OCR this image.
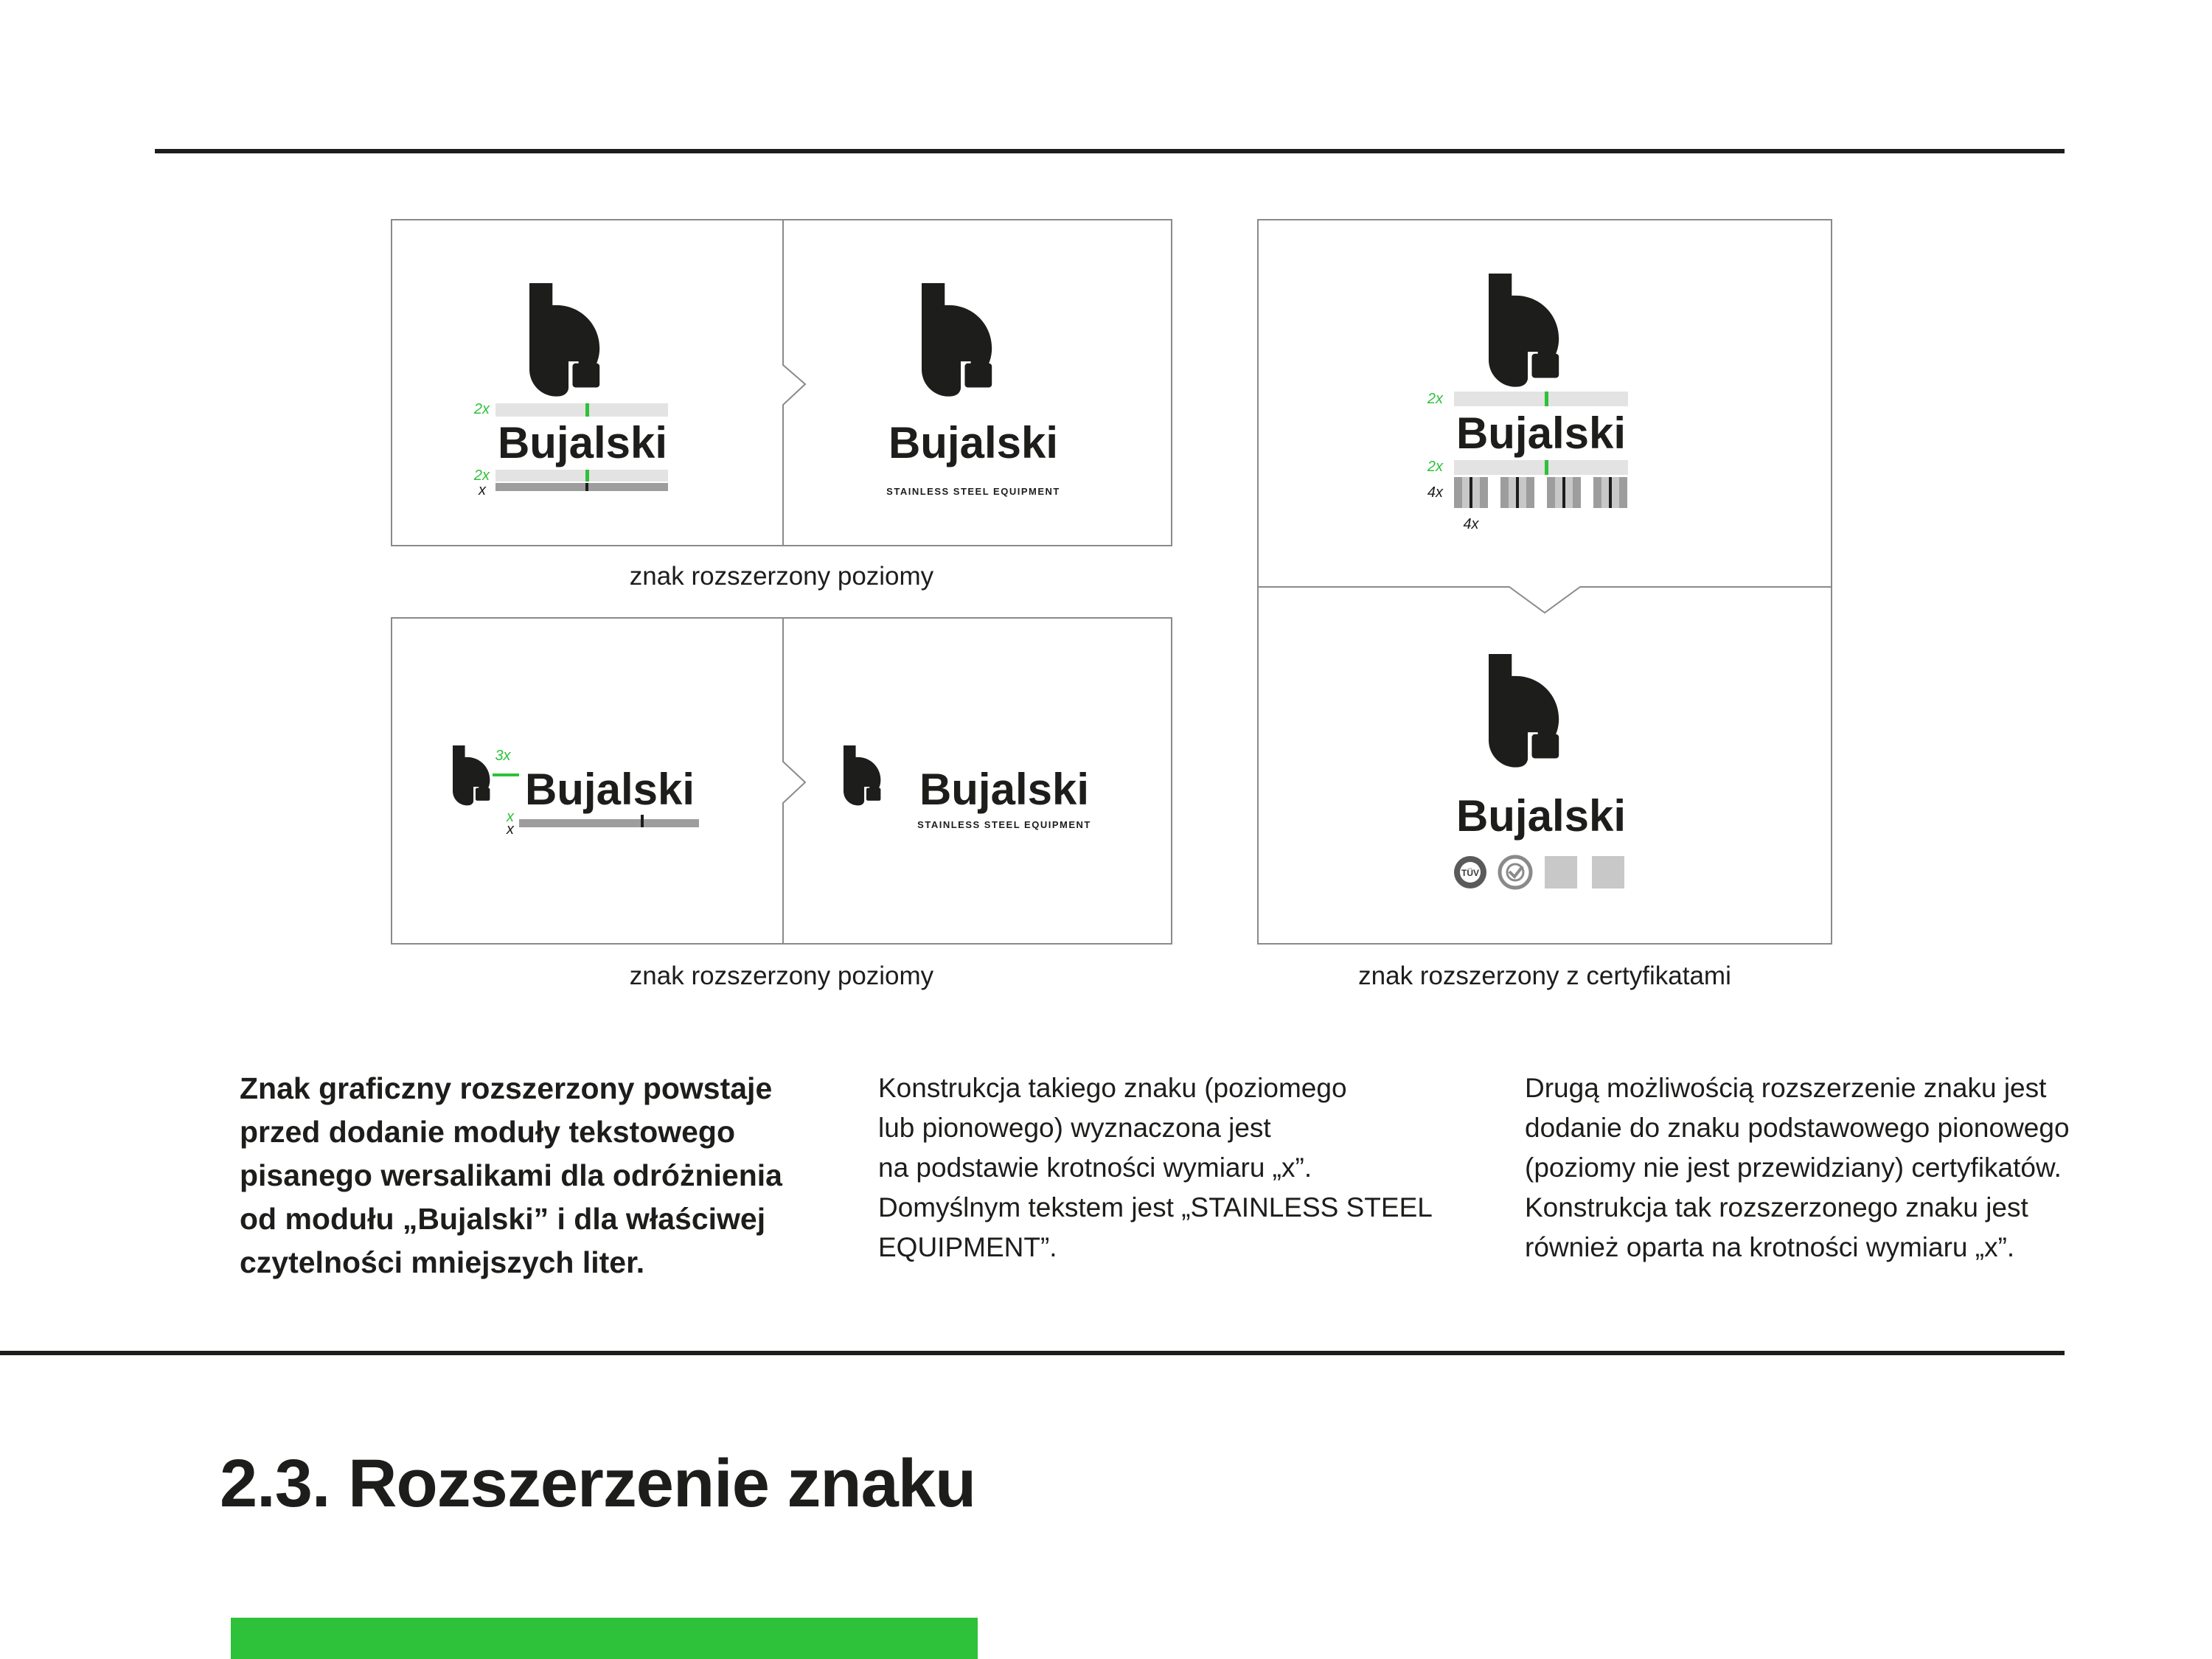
2x
Bujalski
2x
x
Bujalski
STAINLESS STEEL EQUIPMENT
znak rozszerzony poziomy
3x
Bujalski
x
x
Bujalski
STAINLESS STEEL EQUIPMENT
znak rozszerzony poziomy
2x
Bujalski
2x
4x
4x
Bujalski
TÜV
znak rozszerzony z certyfikatami
Znak graficzny rozszerzony powstaje
przed dodanie moduły tekstowego
pisanego wersalikami dla odróżnienia
od modułu „Bujalski” i dla właściwej
czytelności mniejszych liter.
Konstrukcja takiego znaku (poziomego
lub pionowego) wyznaczona jest
na podstawie krotności wymiaru „x”.
Domyślnym tekstem jest „STAINLESS STEEL
EQUIPMENT”.
Drugą możliwością rozszerzenie znaku jest
dodanie do znaku podstawowego pionowego
(poziomy nie jest przewidziany) certyfikatów.
Konstrukcja tak rozszerzonego znaku jest
również oparta na krotności wymiaru „x”.
2.3. Rozszerzenie znaku
